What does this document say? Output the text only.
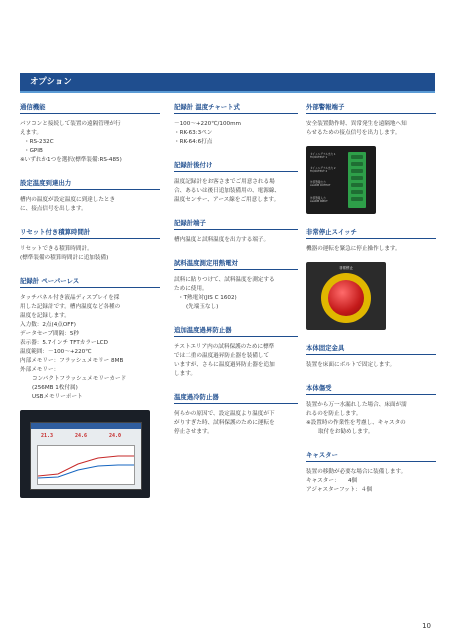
オプション
通信機能
パソコンと接続して装置の遠隔管理が行
えます。
・RS-232C
・GPIB
※いずれか1つを選択(標準装備:RS-485)
設定温度到達出力
槽内の温度が設定温度に到達したとき
に、接点信号を出します。
リセット付き積算時間計
リセットできる積算時間計。
(標準装備の積算時間計に追加装備)
記録計 ペーパーレス
タッチパネル付き液晶ディスプレイを採
用した記録計です。槽内温度など各種の
温度を記録します。
入力数：2点(4点OFF)
データセーブ間隔：5秒
表示器：5.7インチ TFTカラーLCD
温度範囲：－100～+220℃
内部メモリー：フラッシュメモリー 8MB
外部メモリー：
コンパクトフラッシュメモリーカード
(256MB 1枚付属)
USBメモリーポート
21.3	24.6	24.0
記録計 温度チャート式
－100～+220℃/100mm
・RK-63:3ペン
・RK-64:6打点
記録計後付け
温度記録計をお客さまでご用意される場
合、あるいは後日追加装備用の、電源線、
温度センサー、アース線をご用意します。
記録計端子
槽内温度と試料温度を出力する端子。
試料温度測定用熱電対
試料に貼りつけて、試料温度を測定する
ために使用。
・T熱電対(JIS C 1602)
(先端玉なし)
追加温度過昇防止器
テストエリア内の試料保護のために標準
では二重の温度過昇防止器を装備して
いますが、さらに温度過昇防止器を追加
します。
温度過冷防止器
何らかの原因で、設定温度より温度が下
がりすぎた時、試料保護のために運転を
停止させます。
外部警報端子
安全装置動作時、異常発生を遠隔地へ知
らせるための接点信号を出力します。
タイムシグナル出力 1
TC/OUTPUT 1
タイムシグナル出力 2
TC/OUTPUT 2
外部警報出力
ALARM OUTPUT
外部警報入力
ALARM INPUT
非常停止スイッチ
機器の運転を緊急に停止操作します。
非常停止
本体固定金具
装置を床面にボルトで固定します。
本体傷受
装置から万一水漏れした場合、床面が濡
れるのを防止します。
※設置時の作業性を考慮し、キャスタの
取付をお勧めします。
キャスター
装置の移動が必要な場合に装備します。
キャスター：　　4個
アジャスターフット：４個
10
